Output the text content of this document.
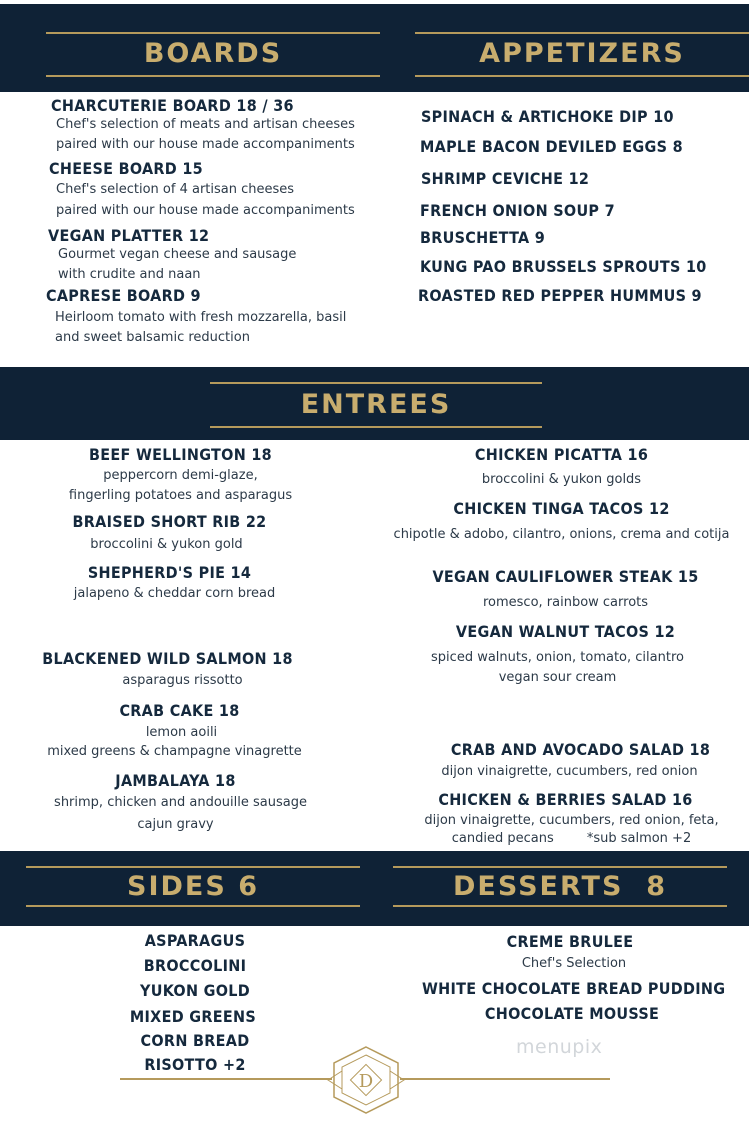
BOARDS	APPETIZERS
CHARCUTERIE BOARD 18 / 36
Chef's selection of meats and artisan cheeses
paired with our house made accompaniments
CHEESE BOARD 15
Chef's selection of 4 artisan cheeses
paired with our house made accompaniments
VEGAN PLATTER 12
Gourmet vegan cheese and sausage
with crudite and naan
CAPRESE BOARD 9
Heirloom tomato with fresh mozzarella, basil
and sweet balsamic reduction
SPINACH & ARTICHOKE DIP 10
MAPLE BACON DEVILED EGGS 8
SHRIMP CEVICHE 12
FRENCH ONION SOUP 7
BRUSCHETTA 9
KUNG PAO BRUSSELS SPROUTS 10
ROASTED RED PEPPER HUMMUS 9
ENTREES
BEEF WELLINGTON 18
peppercorn demi-glaze,
fingerling potatoes and asparagus
BRAISED SHORT RIB 22
broccolini & yukon gold
SHEPHERD'S PIE 14
jalapeno & cheddar corn bread
BLACKENED WILD SALMON 18
asparagus rissotto
CRAB CAKE 18
lemon aoili
mixed greens & champagne vinagrette
JAMBALAYA 18
shrimp, chicken and andouille sausage
cajun gravy
CHICKEN PICATTA 16
broccolini & yukon golds
CHICKEN TINGA TACOS 12
chipotle & adobo, cilantro, onions, crema and cotija
VEGAN CAULIFLOWER STEAK 15
romesco, rainbow carrots
VEGAN WALNUT TACOS 12
spiced walnuts, onion, tomato, cilantro
vegan sour cream
CRAB AND AVOCADO SALAD 18
dijon vinaigrette, cucumbers, red onion
CHICKEN & BERRIES SALAD 16
dijon vinaigrette, cucumbers, red onion, feta,
candied pecans        *sub salmon +2
SIDES 6	DESSERTS  8
ASPARAGUS
BROCCOLINI
YUKON GOLD
MIXED GREENS
CORN BREAD
RISOTTO +2
CREME BRULEE
Chef's Selection
WHITE CHOCOLATE BREAD PUDDING
CHOCOLATE MOUSSE
D
menupix
